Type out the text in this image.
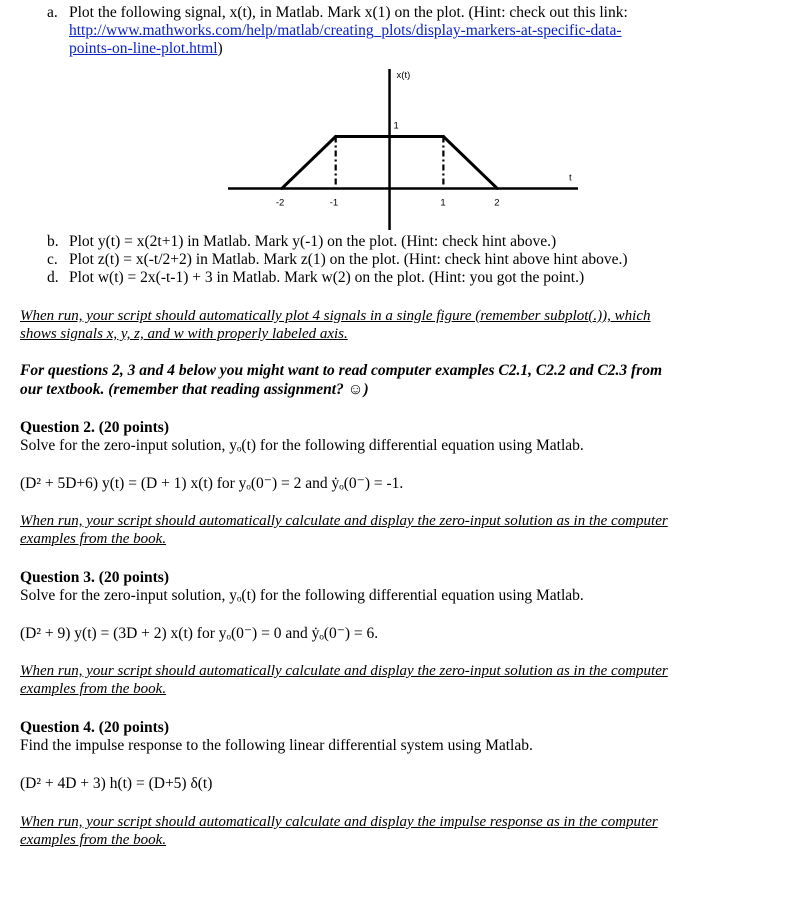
a. Plot the following signal, x(t), in Matlab. Mark x(1) on the plot. (Hint: check out this link:
http://www.mathworks.com/help/matlab/creating_plots/display-markers-at-specific-data-
points-on-line-plot.html)
x(t)
t
1
-2	-1	1	2
b. Plot y(t) = x(2t+1) in Matlab. Mark y(-1) on the plot. (Hint: check hint above.)
c. Plot z(t) = x(-t/2+2) in Matlab. Mark z(1) on the plot. (Hint: check hint above hint above.)
d. Plot w(t) = 2x(-t-1) + 3 in Matlab. Mark w(2) on the plot. (Hint: you got the point.)
When run, your script should automatically plot 4 signals in a single figure (remember subplot(.)), which
shows signals x, y, z, and w with properly labeled axis.
For questions 2, 3 and 4 below you might want to read computer examples C2.1, C2.2 and C2.3 from
our textbook. (remember that reading assignment? ☺)
Question 2. (20 points)
Solve for the zero-input solution, yₒ(t) for the following differential equation using Matlab.
(D² + 5D+6) y(t) = (D + 1) x(t) for yₒ(0⁻) = 2 and ẏₒ(0⁻) = -1.
When run, your script should automatically calculate and display the zero-input solution as in the computer
examples from the book.
Question 3. (20 points)
Solve for the zero-input solution, yₒ(t) for the following differential equation using Matlab.
(D² + 9) y(t) = (3D + 2) x(t) for yₒ(0⁻) = 0 and ẏₒ(0⁻) = 6.
When run, your script should automatically calculate and display the zero-input solution as in the computer
examples from the book.
Question 4. (20 points)
Find the impulse response to the following linear differential system using Matlab.
(D² + 4D + 3) h(t) = (D+5) δ(t)
When run, your script should automatically calculate and display the impulse response as in the computer
examples from the book.
